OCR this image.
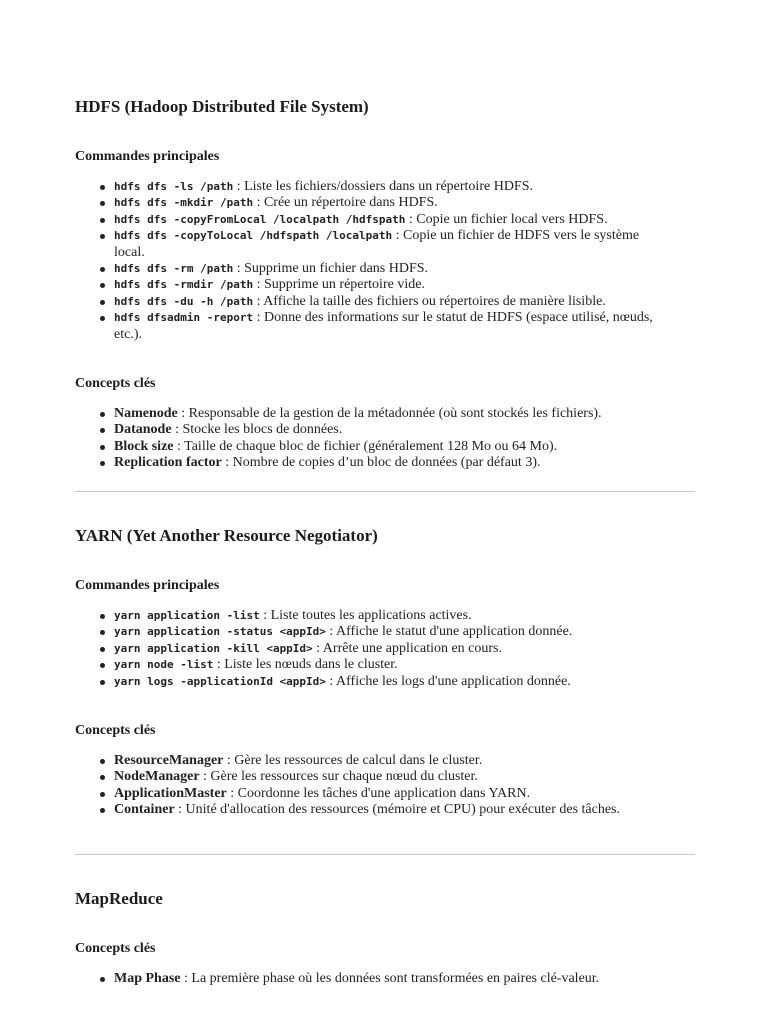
HDFS (Hadoop Distributed File System)
Commandes principales
hdfs dfs -ls /path : Liste les fichiers/dossiers dans un répertoire HDFS.
hdfs dfs -mkdir /path : Crée un répertoire dans HDFS.
hdfs dfs -copyFromLocal /localpath /hdfspath : Copie un fichier local vers HDFS.
hdfs dfs -copyToLocal /hdfspath /localpath : Copie un fichier de HDFS vers le système local.
hdfs dfs -rm /path : Supprime un fichier dans HDFS.
hdfs dfs -rmdir /path : Supprime un répertoire vide.
hdfs dfs -du -h /path : Affiche la taille des fichiers ou répertoires de manière lisible.
hdfs dfsadmin -report : Donne des informations sur le statut de HDFS (espace utilisé, nœuds, etc.).
Concepts clés
Namenode : Responsable de la gestion de la métadonnée (où sont stockés les fichiers).
Datanode : Stocke les blocs de données.
Block size : Taille de chaque bloc de fichier (généralement 128 Mo ou 64 Mo).
Replication factor : Nombre de copies d’un bloc de données (par défaut 3).
YARN (Yet Another Resource Negotiator)
Commandes principales
yarn application -list : Liste toutes les applications actives.
yarn application -status <appId> : Affiche le statut d'une application donnée.
yarn application -kill <appId> : Arrête une application en cours.
yarn node -list : Liste les nœuds dans le cluster.
yarn logs -applicationId <appId> : Affiche les logs d'une application donnée.
Concepts clés
ResourceManager : Gère les ressources de calcul dans le cluster.
NodeManager : Gère les ressources sur chaque nœud du cluster.
ApplicationMaster : Coordonne les tâches d'une application dans YARN.
Container : Unité d'allocation des ressources (mémoire et CPU) pour exécuter des tâches.
MapReduce
Concepts clés
Map Phase : La première phase où les données sont transformées en paires clé-valeur.
